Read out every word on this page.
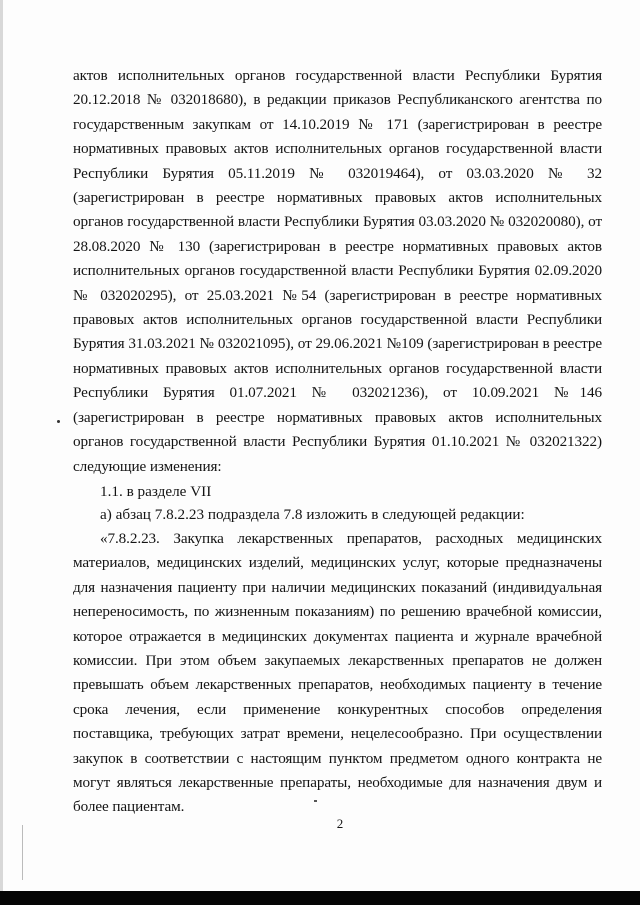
актов исполнительных органов государственной власти Республики Бурятия 20.12.2018 № 032018680), в редакции приказов Республиканского агентства по государственным закупкам от 14.10.2019 № 171 (зарегистрирован в реестре нормативных правовых актов исполнительных органов государственной власти Республики Бурятия 05.11.2019 № 032019464), от 03.03.2020 № 32 (зарегистрирован в реестре нормативных правовых актов исполнительных органов государственной власти Республики Бурятия 03.03.2020 № 032020080), от 28.08.2020 № 130 (зарегистрирован в реестре нормативных правовых актов исполнительных органов государственной власти Республики Бурятия 02.09.2020 № 032020295), от 25.03.2021 №54 (зарегистрирован в реестре нормативных правовых актов исполнительных органов государственной власти Республики Бурятия 31.03.2021 № 032021095), от 29.06.2021 №109 (зарегистрирован в реестре нормативных правовых актов исполнительных органов государственной власти Республики Бурятия 01.07.2021 № 032021236), от 10.09.2021 №146 (зарегистрирован в реестре нормативных правовых актов исполнительных органов государственной власти Республики Бурятия 01.10.2021 № 032021322) следующие изменения:
1.1. в разделе VII
а) абзац 7.8.2.23 подраздела 7.8 изложить в следующей редакции:
«7.8.2.23. Закупка лекарственных препаратов, расходных медицинских материалов, медицинских изделий, медицинских услуг, которые предназначены для назначения пациенту при наличии медицинских показаний (индивидуальная непереносимость, по жизненным показаниям) по решению врачебной комиссии, которое отражается в медицинских документах пациента и журнале врачебной комиссии. При этом объем закупаемых лекарственных препаратов не должен превышать объем лекарственных препаратов, необходимых пациенту в течение срока лечения, если применение конкурентных способов определения поставщика, требующих затрат времени, нецелесообразно. При осуществлении закупок в соответствии с настоящим пунктом предметом одного контракта не могут являться лекарственные препараты, необходимые для назначения двум и более пациентам.
2
